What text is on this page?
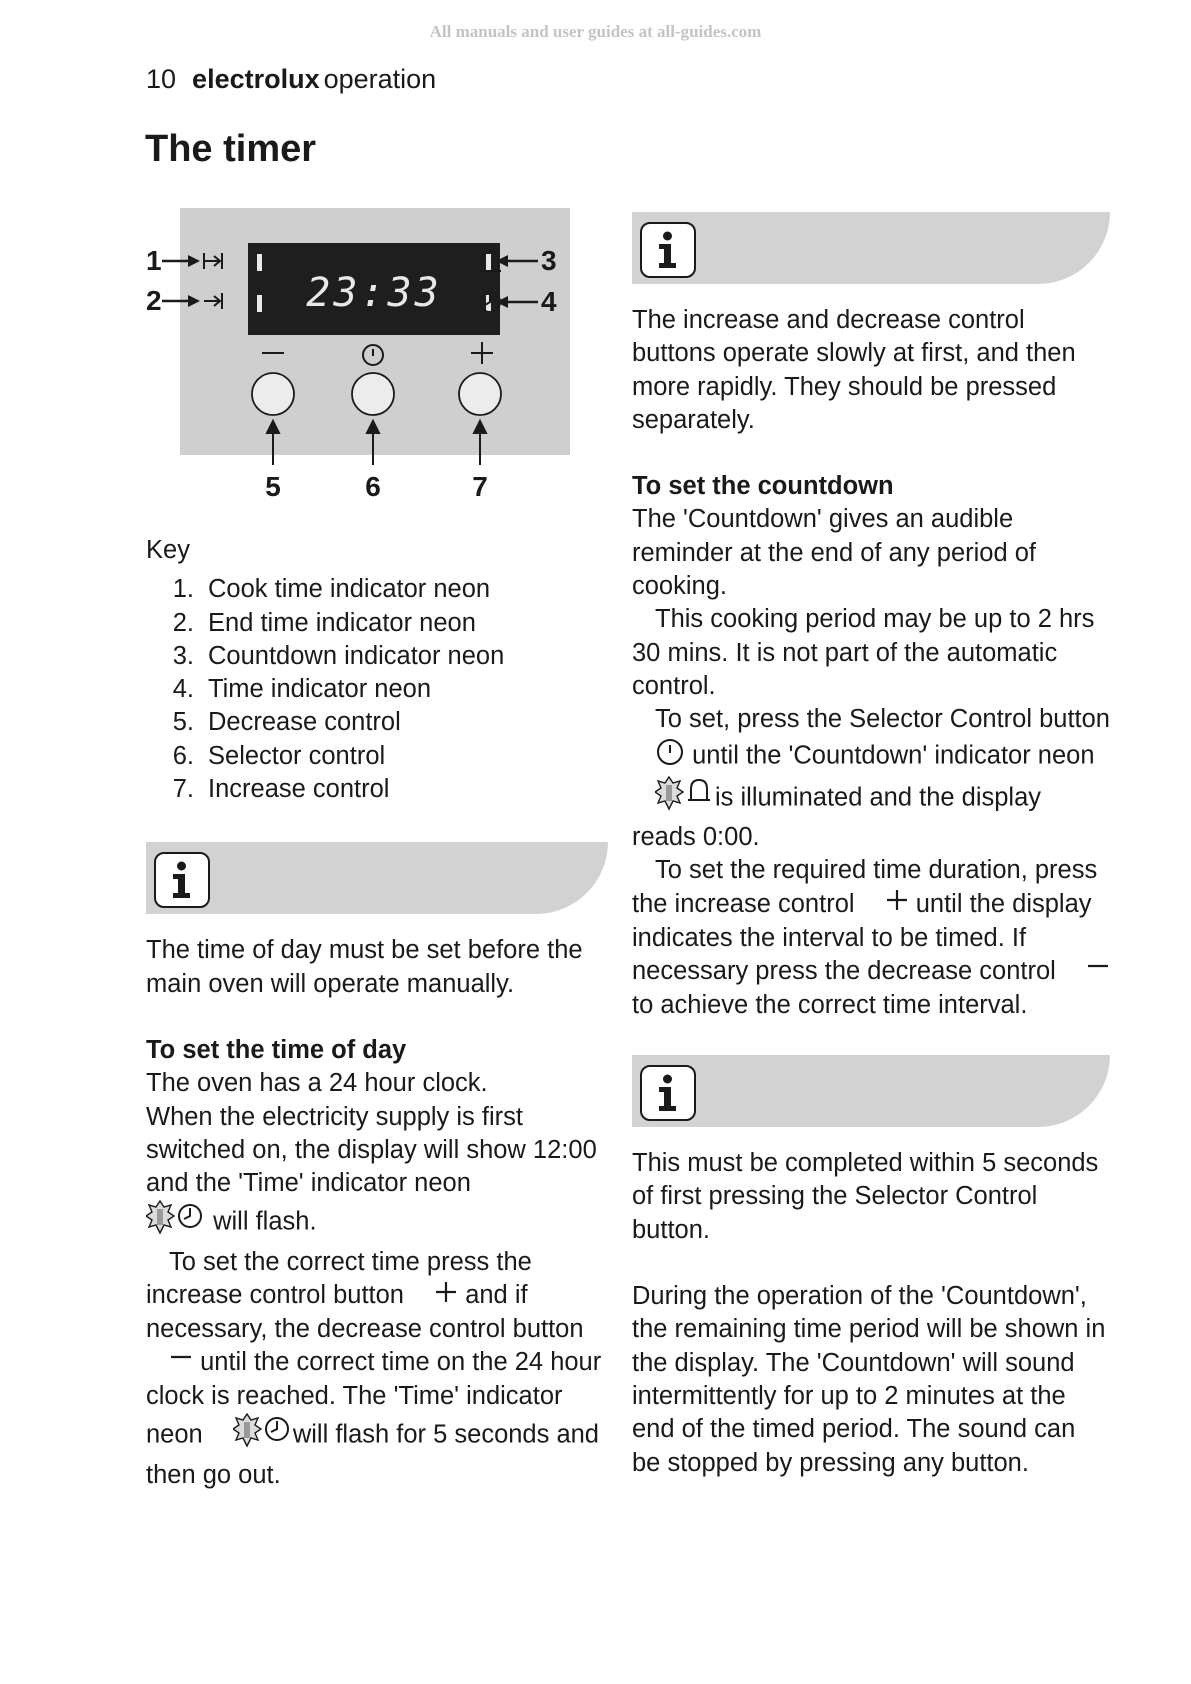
All manuals and user guides at all-guides.com
10 electrolux operation
The timer
23:33
1
2
3
4
5	6	7

Key

1. Cook time indicator neon
2. End time indicator neon
3. Countdown indicator neon
4. Time indicator neon
5. Decrease control
6. Selector control
7. Increase control

The time of day must be set before the main oven will operate manually.

To set the time of day

The oven has a 24 hour clock.

When the electricity supply is first switched on, the display will show 12:00 and the 'Time' indicator neon
will flash.

To set the correct time press the increase control button and if necessary, the decrease control button
until the correct time on the 24 hour clock is reached. The 'Time' indicator neon	will flash for 5 seconds and then go out.

The increase and decrease control buttons operate slowly at first, and then more rapidly. They should be pressed separately.

To set the countdown

The 'Countdown' gives an audible reminder at the end of any period of cooking.

This cooking period may be up to 2 hrs 30 mins. It is not part of the automatic control.

To set, press the Selector Control button  until the 'Countdown' indicator neon is illuminated and the display reads 0:00.

To set the required time duration, press the increase control until the display indicates the interval to be timed. If necessary press the decrease control  to achieve the correct time interval.

This must be completed within 5 seconds of first pressing the Selector Control button.

During the operation of the 'Countdown', the remaining time period will be shown in the display. The 'Countdown' will sound intermittently for up to 2 minutes at the end of the timed period. The sound can be stopped by pressing any button.
